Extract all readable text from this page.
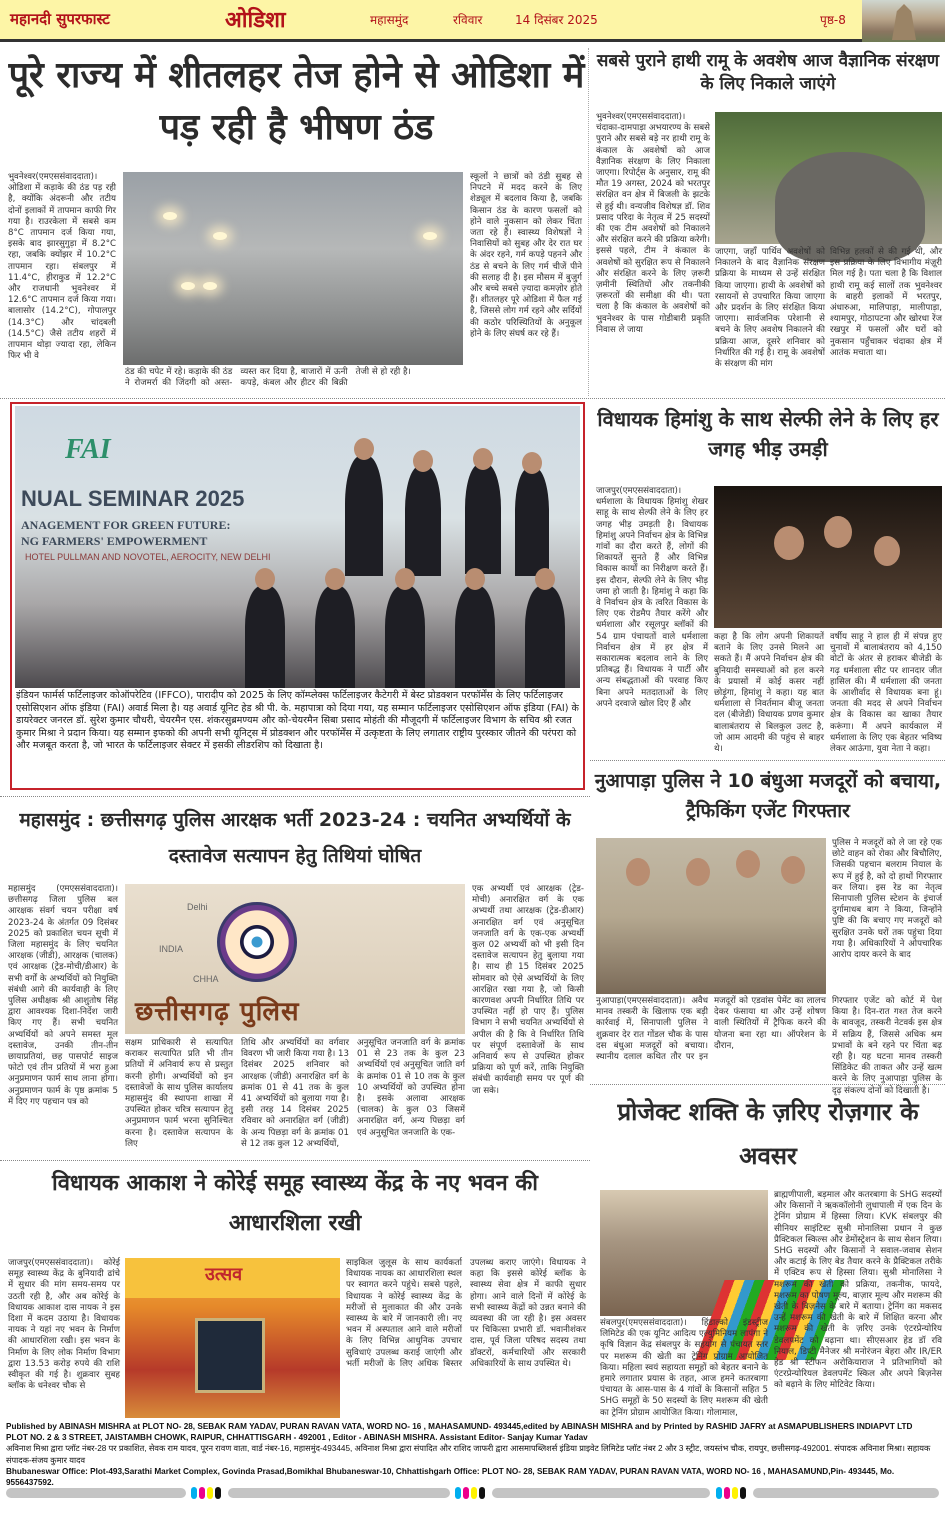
महानदी सुपरफास्ट	ओडिशा	महासमुंद	रविवार	14 दिसंबर 2025	पृष्ठ-8
पूरे राज्य में शीतलहर तेज होने से ओडिशा में पड़ रही है भीषण ठंड
भुवनेश्वर(एमएससंवाददाता)। ओडिशा में कड़ाके की ठंड पड़ रही है, क्योंकि अंदरूनी और तटीय दोनों इलाकों में तापमान काफी गिर गया है। राउरकेला में सबसे कम 8°C तापमान दर्ज किया गया, इसके बाद झारसुगुड़ा में 8.2°C रहा, जबकि क्योंझर में 10.2°C तापमान रहा। संबलपुर में 11.4°C, हीराकुड में 12.2°C और राजधानी भुवनेश्वर में 12.6°C तापमान दर्ज किया गया। बालासोर (14.2°C), गोपालपुर (14.3°C) और चांदबली (14.5°C) जैसे तटीय शहरों में तापमान थोड़ा ज्यादा रहा, लेकिन फिर भी वे
ठंड की चपेट में रहे। कड़ाके की ठंड ने रोजमर्रा की जिंदगी को अस्त-व्यस्त कर दिया है, बाजारों में ऊनी कपड़े, कंबल और हीटर की बिक्री तेजी से हो रही है।
स्कूलों ने छात्रों को ठंडी सुबह से निपटने में मदद करने के लिए शेड्यूल में बदलाव किया है, जबकि किसान ठंड के कारण फसलों को होने वाले नुकसान को लेकर चिंता जता रहे हैं। स्वास्थ्य विशेषज्ञों ने निवासियों को सुबह और देर रात घर के अंदर रहने, गर्म कपड़े पहनने और ठंड से बचने के लिए गर्म चीजें पीने की सलाह दी है। इस मौसम में बुजुर्ग और बच्चे सबसे ज़्यादा कमज़ोर होते हैं। शीतलहर पूरे ओडिशा में फैल गई है, जिससे लोग गर्म रहने और सर्दियों की कठोर परिस्थितियों के अनुकूल होने के लिए संघर्ष कर रहे हैं।
सबसे पुराने हाथी रामू के अवशेष आज वैज्ञानिक संरक्षण के लिए निकाले जाएंगे
भुवनेश्वर(एमएससंवाददाता)। चंदाका-दामपाड़ा अभयारण्य के सबसे पुराने और सबसे बड़े नर हाथी रामू के कंकाल के अवशेषों को आज वैज्ञानिक संरक्षण के लिए निकाला जाएगा। रिपोर्ट्स के अनुसार, रामू की मौत 19 अगस्त, 2024 को भरतपुर संरक्षित वन क्षेत्र में बिजली के झटके से हुई थी। वन्यजीव विशेषज्ञ डॉ. शिव प्रसाद परिदा के नेतृत्व में 25 सदस्यों की एक टीम अवशेषों को निकालने और संरक्षित करने की प्रक्रिया करेगी। इससे पहले, टीम ने कंकाल के अवशेषों को सुरक्षित रूप से निकालने और संरक्षित करने के लिए ज़रूरी ज़मीनी स्थितियों और तकनीकी ज़रूरतों की समीक्षा की थी। पता चला है कि कंकाल के अवशेषों को भुवनेश्वर के पास गोडीबारी प्रकृति निवास ले जाया
जाएगा, जहाँ पार्थिव अवशेषों को निकालने के बाद वैज्ञानिक संरक्षण प्रक्रिया के माध्यम से उन्हें संरक्षित किया जाएगा। हाथी के अवशेषों को रसायनों से उपचारित किया जाएगा और प्रदर्शन के लिए संरक्षित किया जाएगा। सार्वजनिक परेशानी से बचने के लिए अवशेष निकालने की प्रक्रिया आज, दूसरे शनिवार को निर्धारित की गई है। रामू के अवशेषों के संरक्षण की मांग
विभिन्न हलकों से की गई थी, और इस प्रक्रिया के लिए विभागीय मंज़ूरी मिल गई है। पता चला है कि विशाल हाथी रामू कई सालों तक भुवनेश्वर के बाहरी इलाकों में भरतपुर, अंधारुआ, मालिपाड़ा, मालीपाड़ा, श्यामपुर, गोठापटना और खोरधा रेंज रखपुर में फसलों और घरों को नुकसान पहुँचाकर चंदाका क्षेत्र में आतंक मचाता था।
FAI
NUAL SEMINAR 2025
ANAGEMENT FOR GREEN FUTURE:
NG FARMERS' EMPOWERMENT
HOTEL PULLMAN AND NOVOTEL, AEROCITY, NEW DELHI
इंडियन फार्मर्स फर्टिलाइजर कोऑपरेटिव (IFFCO), पारादीप को 2025 के लिए कॉम्प्लेक्स फर्टिलाइजर कैटेगरी में बेस्ट प्रोडक्शन परफॉर्मेंस के लिए फर्टिलाइजर एसोसिएशन ऑफ इंडिया (FAI) अवार्ड मिला है। यह अवार्ड यूनिट हेड श्री पी. के. महापात्रा को दिया गया, यह सम्मान फर्टिलाइजर एसोसिएशन ऑफ इंडिया (FAI) के डायरेक्टर जनरल डॉ. सुरेश कुमार चौधरी, चेयरमैन एस. शंकरसुब्रमण्यम और को-चेयरमैन सिबा प्रसाद मोहंती की मौजूदगी में फर्टिलाइजर विभाग के सचिव श्री रजत कुमार मिश्रा ने प्रदान किया। यह सम्मान इफको की अपनी सभी यूनिट्स में प्रोडक्शन और परफॉर्मेंस में उत्कृष्टता के लिए लगातार राष्ट्रीय पुरस्कार जीतने की परंपरा को और मजबूत करता है, जो भारत के फर्टिलाइजर सेक्टर में इसकी लीडरशिप को दिखाता है।
विधायक हिमांशु के साथ सेल्फी लेने के लिए हर जगह भीड़ उमड़ी
जाजपुर(एमएससंवाददाता)। धर्मशाला के विधायक हिमांशु शेखर साहू के साथ सेल्फी लेने के लिए हर जगह भीड़ उमड़ती है। विधायक हिमांशु अपने निर्वाचन क्षेत्र के विभिन्न गांवों का दौरा करते हैं, लोगों की शिकायतें सुनते हैं और विभिन्न विकास कार्यों का निरीक्षण करते हैं। इस दौरान, सेल्फी लेने के लिए भीड़ जमा हो जाती है। हिमांशु ने कहा कि वे निर्वाचन क्षेत्र के त्वरित विकास के लिए एक रोडमैप तैयार करेंगे और धर्मशाला और रसूलपुर ब्लॉकों की 54 ग्राम पंचायतों वाले धर्मशाला निर्वाचन क्षेत्र में हर क्षेत्र में सकारात्मक बदलाव लाने के लिए प्रतिबद्ध हैं। विधायक ने पार्टी और अन्य संबद्धताओं की परवाह किए बिना अपने मतदाताओं के लिए अपने दरवाजे खोल दिए हैं और
कहा है कि लोग अपनी शिकायतें बताने के लिए उनसे मिलने आ सकते हैं। मैं अपने निर्वाचन क्षेत्र की बुनियादी समस्याओं को हल करने के प्रयासों में कोई कसर नहीं छोड़ूंगा, हिमांशु ने कहा। यह बात धर्मशाला से निवर्तमान बीजू जनता दल (बीजेडी) विधायक प्रणव कुमार बालाबंतराय से बिलकुल उलट है, जो आम आदमी की पहुंच से बाहर थे।
वर्षीय साहू ने हाल ही में संपन्न हुए चुनावों में बालाबंतराय को 4,150 वोटों के अंतर से हराकर बीजेडी के गढ़ धर्मशाला सीट पर शानदार जीत हासिल की। मैं धर्मशाला की जनता के आशीर्वाद से विधायक बना हूं। जनता की मदद से अपने निर्वाचन क्षेत्र के विकास का खाका तैयार करूंगा। मैं अपने कार्यकाल में धर्मशाला के लिए एक बेहतर भविष्य लेकर आऊंगा, युवा नेता ने कहा।
महासमुंद : छत्तीसगढ़ पुलिस आरक्षक भर्ती 2023-24 : चयनित अभ्यर्थियों के दस्तावेज सत्यापन हेतु तिथियां घोषित
महासमुंद (एमएससंवाददाता)। छत्तीसगढ़ जिला पुलिस बल आरक्षक संवर्ग चयन परीक्षा वर्ष 2023-24 के अंतर्गत 09 दिसंबर 2025 को प्रकाशित चयन सूची में जिला महासमुंद के लिए चयनित आरक्षक (जीडी), आरक्षक (चालक) एवं आरक्षक (ट्रेड-मोची/डीआर) के सभी वर्गों के अभ्यर्थियों को नियुक्ति संबंधी आगे की कार्यवाही के लिए पुलिस अधीक्षक श्री आशुतोष सिंह द्वारा आवश्यक दिशा-निर्देश जारी किए गए हैं। सभी चयनित अभ्यर्थियों को अपने समस्त मूल दस्तावेज, उनकी तीन-तीन छायाप्रतियां, छह पासपोर्ट साइज फोटो एवं तीन प्रतियों में भरा हुआ अनुप्रमाणन फार्म साथ लाना होगा। अनुप्रमाणन फार्म के पृष्ठ क्रमांक 5 में दिए गए पहचान पत्र को
Delhi
INDIA
CHHA
छत्तीसगढ़ पुलिस
सक्षम प्राधिकारी से सत्यापित कराकर सत्यापित प्रति भी तीन प्रतियों में अनिवार्य रूप से प्रस्तुत करनी होगी। अभ्यर्थियों को इन दस्तावेजों के साथ पुलिस कार्यालय महासमुंद की स्थापना शाखा में उपस्थित होकर चरित्र सत्यापन हेतु अनुप्रमाणन फार्म भरना सुनिश्चित करना है। दस्तावेज सत्यापन के लिए
तिथि और अभ्यर्थियों का वर्गवार विवरण भी जारी किया गया है। 13 दिसंबर 2025 शनिवार को आरक्षक (जीडी) अनारक्षित वर्ग के क्रमांक 01 से 41 तक के कुल 41 अभ्यर्थियों को बुलाया गया है। इसी तरह 14 दिसंबर 2025 रविवार को अनारक्षित वर्ग (जीडी) के अन्य पिछड़ा वर्ग के क्रमांक 01 से 12 तक कुल 12 अभ्यर्थियों,
अनुसूचित जनजाति वर्ग के क्रमांक 01 से 23 तक के कुल 23 अभ्यर्थियों एवं अनुसूचित जाति वर्ग के क्रमांक 01 से 10 तक के कुल 10 अभ्यर्थियों को उपस्थित होना है। इसके अलावा आरक्षक (चालक) के कुल 03 जिसमें अनारक्षित वर्ग, अन्य पिछड़ा वर्ग एवं अनुसूचित जनजाति के एक-
एक अभ्यर्थी एवं आरक्षक (ट्रेड-मोची) अनारक्षित वर्ग के एक अभ्यर्थी तथा आरक्षक (ट्रेड-डीआर) अनारक्षित वर्ग एवं अनुसूचित जनजाति वर्ग के एक-एक अभ्यर्थी कुल 02 अभ्यर्थी को भी इसी दिन दस्तावेज सत्यापन हेतु बुलाया गया है। साथ ही 15 दिसंबर 2025 सोमवार को ऐसे अभ्यर्थियों के लिए आरक्षित रखा गया है, जो किसी कारणवश अपनी निर्धारित तिथि पर उपस्थित नहीं हो पाए हैं। पुलिस विभाग ने सभी चयनित अभ्यर्थियों से अपील की है कि वे निर्धारित तिथि पर संपूर्ण दस्तावेजों के साथ अनिवार्य रूप से उपस्थित होकर प्रक्रिया को पूर्ण करें, ताकि नियुक्ति संबंधी कार्यवाही समय पर पूर्ण की जा सके।
नुआपाड़ा पुलिस ने 10 बंधुआ मजदूरों को बचाया, ट्रैफिकिंग एजेंट गिरफ्तार
पुलिस ने मजदूरों को ले जा रहे एक छोटे वाहन को रोका और बिचौलिए, जिसकी पहचान बलराम नियाल के रूप में हुई है, को दो हाथों गिरफ्तार कर लिया। इस रेड का नेतृत्व सिनापाली पुलिस स्टेशन के इंचार्ज दुर्गामाधब बाग ने किया, जिन्होंने पुष्टि की कि बचाए गए मजदूरों को सुरक्षित उनके घरों तक पहुंचा दिया गया है। अधिकारियों ने ओपचारिक आरोप दायर करने के बाद
नुआपाड़ा(एमएससंवाददाता)। अवैध मानव तस्करी के खिलाफ एक बड़ी कार्रवाई में, सिनापाली पुलिस ने शुक्रवार देर रात गोंडल चौक के पास दस बंधुआ मजदूरों को बचाया। स्थानीय दलाल कथित तौर पर इन मजदूरों को एडवांस पेमेंट का लालच देकर फंसाया था और उन्हें शोषण वाली स्थितियों में ट्रैफिक करने की योजना बना रहा था। ऑपरेशन के दौरान,
गिरफ्तार एजेंट को कोर्ट में पेश किया है। दिन-रात गश्त तेज करने के बावजूद, तस्करी नेटवर्क इस क्षेत्र में सक्रिय हैं, जिससे अधिक श्रम प्रभावों के बने रहने पर चिंता बढ़ रही है। यह घटना मानव तस्करी सिंडिकेट की ताकत और उन्हें खत्म करने के लिए नुआपाड़ा पुलिस के दृढ़ संकल्प दोनों को दिखाती है।
प्रोजेक्ट शक्ति के ज़रिए रोज़गार के अवसर
ब्राह्मणीपाली, बड़माल और कतरबागा के SHG सदस्यों और किसानों ने ऋककॉलोनी लुधापाली में एक दिन के ट्रेनिंग प्रोग्राम में हिस्सा लिया। KVK संबलपुर की सीनियर साइंटिस्ट सुश्री मोनालिसा प्रधान ने कुछ प्रैक्टिकल स्किल्स और डेमोंस्ट्रेशन के साथ सेशन लिया। SHG सदस्यों और किसानों ने सवाल-जवाब सेशन और कटाई के लिए बेड तैयार करने के प्रैक्टिकल तरीके में एक्टिव रूप से हिस्सा लिया। सुश्री मोनालिसा ने मशरूम की खेती को प्रक्रिया, तकनीक, फायदे, मशरूम का पोषण मूल्य, बाज़ार मूल्य और मशरूम की खेती के बिज़नेस के बारे में बताया। ट्रेनिंग का मकसद उन्हें मशरूम की खेती के बारे में शिक्षित करना और मशरूम की खेती के ज़रिए उनके एंटरप्रेन्योरिय डेवलपमेंट को बढ़ाना था। सीएसआर हेड डॉ रवि नियाल, डिप्टी मैनेजर श्री मनोरंजन बेहरा और IR/ER हेड श्री स्टीफन अरोकियाराज ने प्रतिभागियों को एंटरप्रेन्योरियल डेवलपमेंट स्किल और अपने बिज़नेस को बढ़ाने के लिए मोटिवेट किया।
संबलपुर(एमएससंवाददाता)। हिंडाल्को इंडस्ट्रीज लिमिटेड की एक यूनिट आदित्य एल्युमिनियम लापंगा ने कृषि विज्ञान केंद्र संबलपुर के सहयोग से पंचायत स्तर पर मशरूम की खेती का ट्रेनिंग प्रोग्राम आयोजित किया। महिला स्वयं सहायता समूहों को बेहतर बनाने के हमारे लगातार प्रयास के तहत, आज हमने कतरबागा पंचायत के आस-पास के 4 गांवों के किसानों सहित 5 SHG समूहों के 50 सदस्यों के लिए मशरूम की खेती का ट्रेनिंग प्रोग्राम आयोजित किया। गोलामाल,
विधायक आकाश ने कोरेई समूह स्वास्थ्य केंद्र के नए भवन की आधारशिला रखी
जाजपुर(एमएससंवाददाता)। कोरेई समूह स्वास्थ्य केंद्र के बुनियादी ढांचे में सुधार की मांग समय-समय पर उठती रही है, और अब कोरेई के विधायक आकाश दास नायक ने इस दिशा में कदम उठाया है। विधायक नायक ने यहां नए भवन के निर्माण की आधारशिला रखी। इस भवन के निर्माण के लिए लोक निर्माण विभाग द्वारा 13.53 करोड़ रुपये की राशि स्वीकृत की गई है। शुक्रवार सुबह ब्लॉक के धनेश्वर चौक से
उत्सव
साइकिल जुलूस के साथ कार्यकर्ता विधायक नायक का आधारशिला स्थल पर स्वागत करने पहुंचे। सबसे पहले, विधायक ने कोरेई स्वास्थ्य केंद्र के मरीजों से मुलाकात की और उनके स्वास्थ्य के बारे में जानकारी ली। नए भवन में अस्पताल आने वाले मरीजों के लिए विभिन्न आधुनिक उपचार सुविधाएं उपलब्ध कराई जाएंगी और भर्ती मरीजों के लिए अधिक बिस्तर उपलब्ध कराए जाएंगे। विधायक ने कहा कि इससे कोरेई ब्लॉक के स्वास्थ्य सेवा क्षेत्र में काफी सुधार होगा। आने वाले दिनों में कोरेई के सभी स्वास्थ्य केंद्रों को उन्नत बनाने की व्यवस्था की जा रही है। इस अवसर पर चिकित्सा प्रभारी डॉ. भवानीशंकर दास, पूर्व जिला परिषद सदस्य तथा डॉक्टरों, कर्मचारियों और सरकारी अधिकारियों के साथ उपस्थित थे।
Published by ABINASH MISHRA at PLOT NO- 28, SEBAK RAM YADAV, PURAN RAVAN VATA, WORD NO- 16 , MAHASAMUND- 493445,edited by ABINASH MISHRA and by Printed by RASHID JAFRY at ASMAPUBLISHERS INDIAPVT LTD
PLOT NO. 2 & 3 STREET, JAISTAMBH CHOWK, RAIPUR, CHHATTISGARH - 492001 , Editor - ABINASH MISHRA. Assistant Editor- Sanjay Kumar Yadav
अविनाश मिश्रा द्वारा प्लॉट नंबर-28 पर प्रकाशित, सेवक राम यादव, पूरन रावण वाता, वार्ड नंबर-16, महासमुंद-493445, अविनाश मिश्रा द्वारा संपादित और राशिद जाफरी द्वारा आसमापब्लिशर्स इंडिया प्राइवेट लिमिटेड प्लॉट नंबर 2 और 3 स्ट्रीट, जयस्तंभ चौक, रायपुर, छत्तीसगढ़-492001. संपादक अविनाश मिश्रा। सहायक संपादक-संजय कुमार यादव
Bhubaneswar Office: Plot-493,Sarathi Market Complex, Govinda Prasad,Bomikhal Bhubaneswar-10, Chhattishgarh Office: PLOT NO- 28, SEBAK RAM YADAV, PURAN RAVAN VATA, WORD NO- 16 , MAHASAMUND,Pin- 493445, Mo. 9556437592.
